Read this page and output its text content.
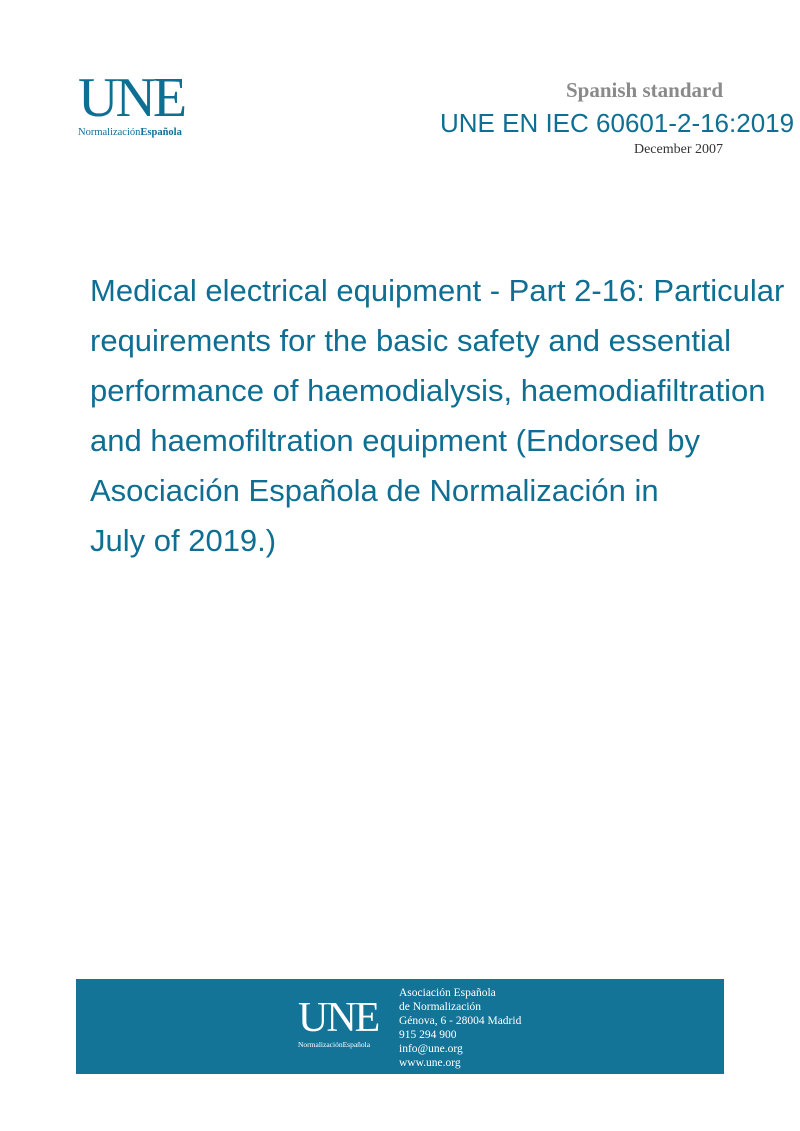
UNE
NormalizaciónEspañola
Spanish standard
UNE EN IEC 60601-2-16:2019
December 2007
Medical electrical equipment - Part 2-16: Particular
requirements for the basic safety and essential
performance of haemodialysis, haemodiafiltration
and haemofiltration equipment (Endorsed by
Asociación Española de Normalización in
July of 2019.)
UNE
NormalizaciónEspañola
Asociación Española
de Normalización
Génova, 6 - 28004 Madrid
915 294 900
info@une.org
www.une.org
